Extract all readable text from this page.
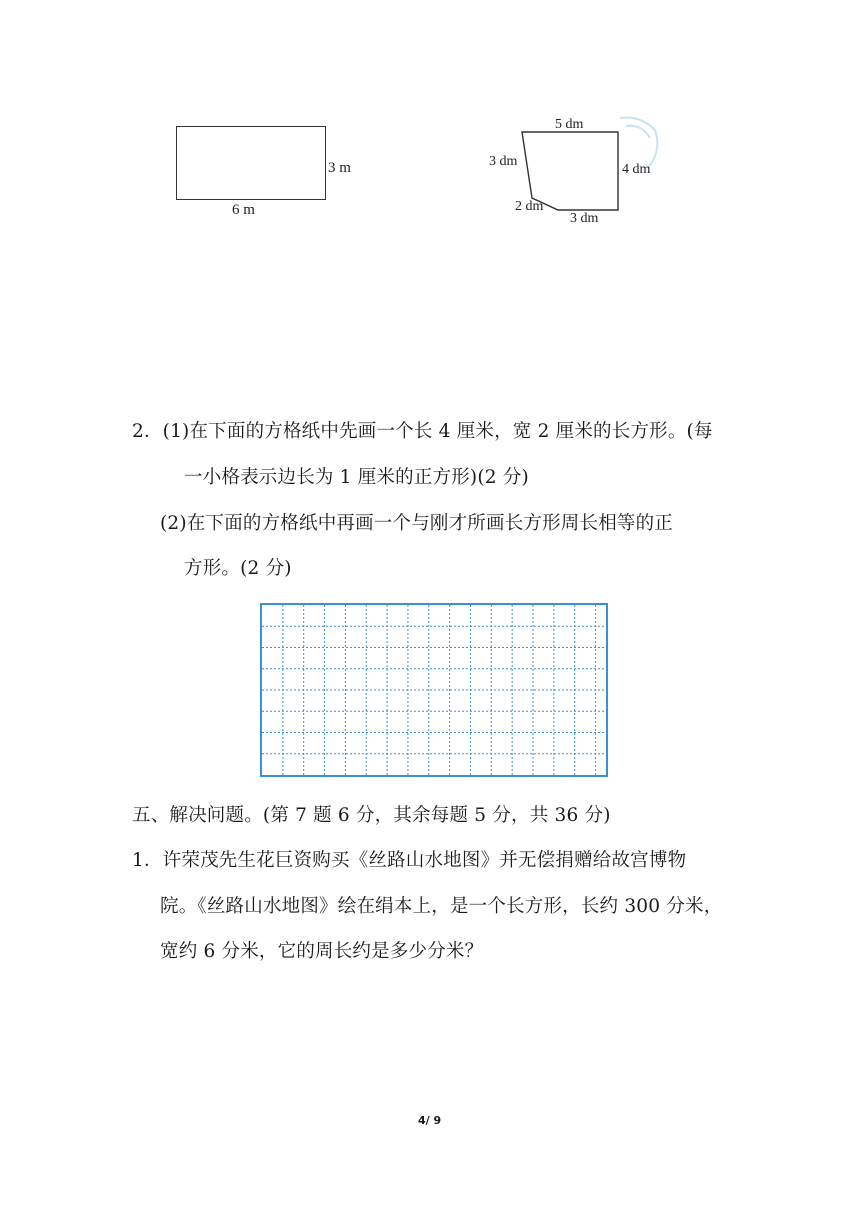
3 m
6 m
5 dm
3 dm
4 dm
2 dm
3 dm
2．(1)在下面的方格纸中先画一个长 4 厘米，宽 2 厘米的长方形。(每
一小格表示边长为 1 厘米的正方形)(2 分)
(2)在下面的方格纸中再画一个与刚才所画长方形周长相等的正
方形。(2 分)
五、解决问题。(第 7 题 6 分，其余每题 5 分，共 36 分)
1．许荣茂先生花巨资购买《丝路山水地图》并无偿捐赠给故宫博物
院。《丝路山水地图》绘在绢本上，是一个长方形，长约 300 分米，
宽约 6 分米，它的周长约是多少分米？
4/ 9
